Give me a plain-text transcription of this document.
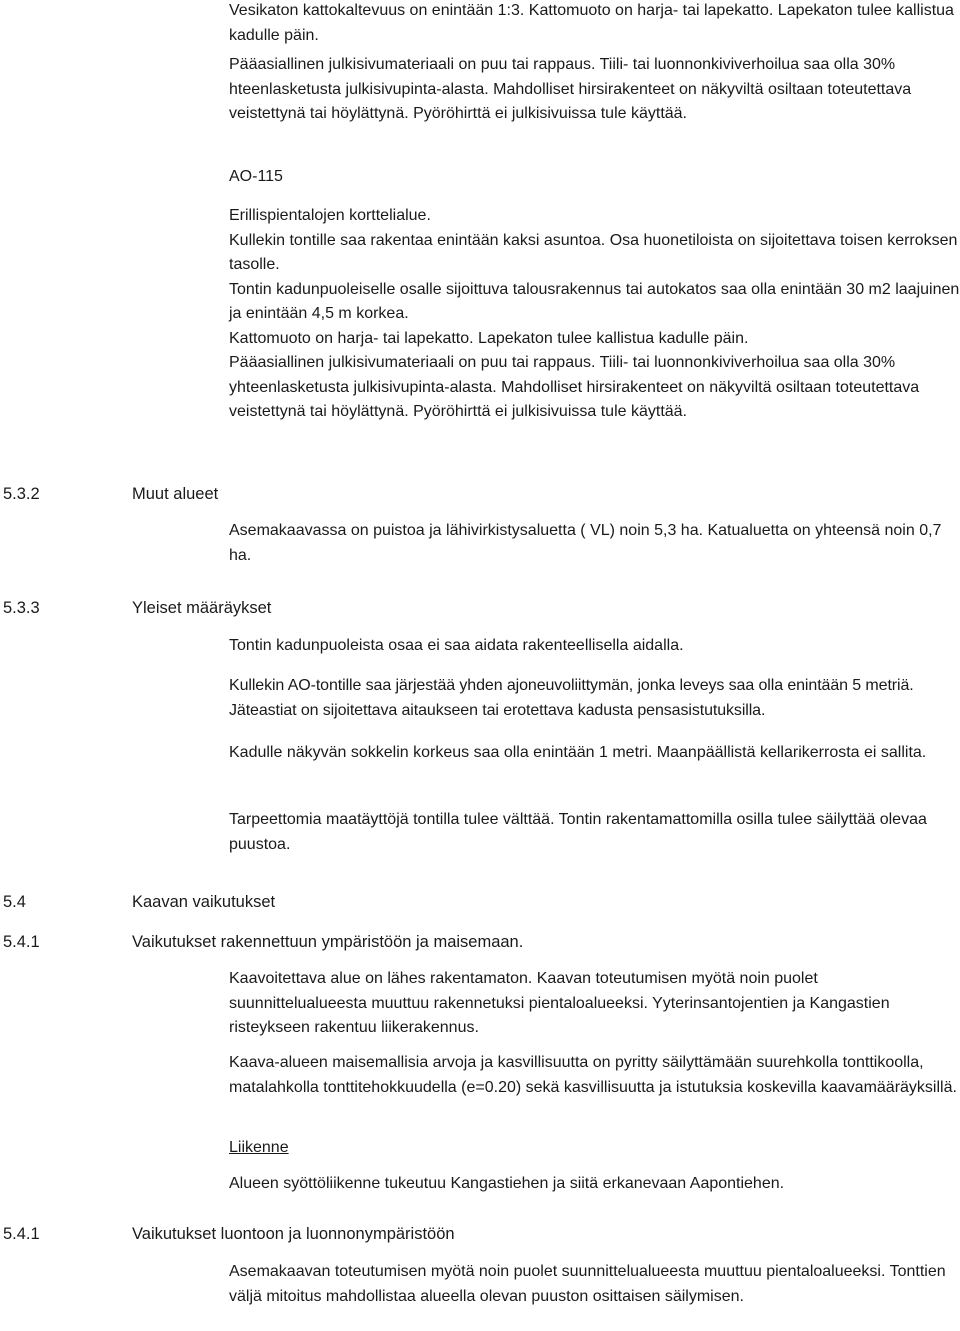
Vesikaton kattokaltevuus on enintään 1:3. Kattomuoto on harja- tai lapekatto. Lapekaton tulee kallistua kadulle päin.

Pääasiallinen julkisivumateriaali on puu tai rappaus. Tiili- tai luonnonkiviverhoilua saa olla 30% hteenlasketusta julkisivupinta-alasta. Mahdolliset hirsirakenteet on näkyviltä osiltaan toteutettava veistettynä tai höylättynä. Pyöröhirttä ei julkisivuissa tule käyttää.

AO-115

Erillispientalojen korttelialue.

Kullekin tontille saa rakentaa enintään kaksi asuntoa. Osa huonetiloista on sijoitettava toisen kerroksen tasolle.

Tontin kadunpuoleiselle osalle sijoittuva talousrakennus tai autokatos saa olla enintään 30 m2 laajuinen ja enintään 4,5 m korkea.

Kattomuoto on harja- tai lapekatto. Lapekaton tulee kallistua kadulle päin.

Pääasiallinen julkisivumateriaali on puu tai rappaus. Tiili- tai luonnonkiviverhoilua saa olla 30% yhteenlasketusta julkisivupinta-alasta. Mahdolliset hirsirakenteet on näkyviltä osiltaan toteutettava veistettynä tai höylättynä. Pyöröhirttä ei julkisivuissa tule käyttää.

5.3.2	Muut alueet

Asemakaavassa on puistoa ja lähivirkistysaluetta ( VL) noin 5,3 ha. Katualuetta on yhteensä noin 0,7 ha.

5.3.3	Yleiset määräykset

Tontin kadunpuoleista osaa ei saa aidata rakenteellisella aidalla.

Kullekin AO-tontille saa järjestää yhden ajoneuvoliittymän, jonka leveys saa olla enintään 5 metriä. Jäteastiat on sijoitettava aitaukseen tai erotettava kadusta pensasistutuksilla.

Kadulle näkyvän sokkelin korkeus saa olla enintään 1 metri. Maanpäällistä kellarikerrosta ei sallita.

Tarpeettomia maatäyttöjä tontilla tulee välttää. Tontin rakentamattomilla osilla tulee säilyttää olevaa puustoa.

5.4	Kaavan vaikutukset
5.4.1	Vaikutukset rakennettuun ympäristöön ja maisemaan.

Kaavoitettava alue on lähes rakentamaton. Kaavan toteutumisen myötä noin puolet suunnittelualueesta muuttuu rakennetuksi pientaloalueeksi. Yyterinsantojentien ja Kangastien risteykseen rakentuu liikerakennus.

Kaava-alueen maisemallisia arvoja ja kasvillisuutta on pyritty säilyttämään suurehkolla tonttikoolla, matalahkolla tonttitehokkuudella (e=0.20) sekä kasvillisuutta ja istutuksia koskevilla kaavamääräyksillä.

Liikenne

Alueen syöttöliikenne tukeutuu Kangastiehen ja siitä erkanevaan Aapontiehen.

5.4.1	Vaikutukset luontoon ja luonnonympäristöön

Asemakaavan toteutumisen myötä noin puolet suunnittelualueesta muuttuu pientaloalueeksi. Tonttien väljä mitoitus mahdollistaa alueella olevan puuston osittaisen säilymisen.
